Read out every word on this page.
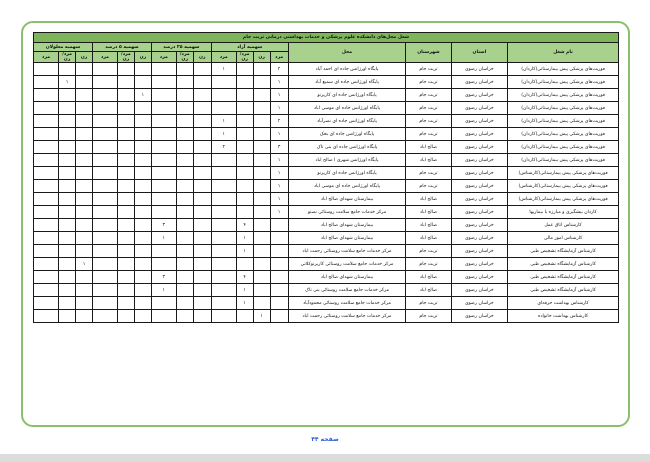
شغل محل‌های دانشکده علوم پزشکی و خدمات بهداشتی درمانی تربت جام																
نام شغل	استان	شهرستان	محل	سهمیه آزاد				سهمیه ۲۵ درصد			سهمیه ۵ درصد			سهمیه معلولان		
				مرد	زن	مرد/زن	مرد	زن	مرد/زن	مرد	زن	مرد/زن	مرد	زن	مرد/زن	مرد
فوریت‌های پزشکی پیش بیمارستانی(کاردان)	خراسان رضوی	تربت جام	پایگاه اورژانس جاده ای احمد آباد	۲			۱									
فوریت‌های پزشکی پیش بیمارستانی(کاردان)	خراسان رضوی	تربت جام	پایگاه اورژانس جاده ای سمیع آباد	۱											۱	
فوریت‌های پزشکی پیش بیمارستانی(کاردان)	خراسان رضوی	تربت جام	پایگاه اورژانس جاده ای کاریزنو	۱							۱					
فوریت‌های پزشکی پیش بیمارستانی(کاردان)	خراسان رضوی	تربت جام	پایگاه اورژانس جاده ای موسی اباد	۱												
فوریت‌های پزشکی پیش بیمارستانی(کاردان)	خراسان رضوی	تربت جام	پایگاه اورژانس جاده ای نصرآباد	۲			۱									
فوریت‌های پزشکی پیش بیمارستانی(کاردان)	خراسان رضوی	تربت جام	پایگاه اورژانس جاده ای بخک	۱			۱									
فوریت‌های پزشکی پیش بیمارستانی(کاردان)	خراسان رضوی	صالح اباد	پایگاه اورژانس جاده ای بنی تاک	۳			۲									
فوریت‌های پزشکی پیش بیمارستانی(کاردان)	خراسان رضوی	صالح اباد	پایگاه اورژانس شهری ا صالح اباد	۱												
فوریت‌های پزشکی پیش بیمارستانی(کارشناس)	خراسان رضوی	تربت جام	پایگاه اورژانس جاده ای کاریزنو	۱												
فوریت‌های پزشکی پیش بیمارستانی(کارشناس)	خراسان رضوی	تربت جام	پایگاه اورژانس جاده ای موسی اباد	۱												
فوریت‌های پزشکی پیش بیمارستانی(کارشناس)	خراسان رضوی	صالح اباد	بیمارستان شهدای صالح اباد	۱												
کاردان بیشگیری و مبارزه با بیماریها	خراسان رضوی	صالح اباد	مرکز خدمات جامع سلامت روستائی نصتو	۱												
کارشناس اتاق عمل	خراسان رضوی	صالح اباد	بیمارستان شهدای صالح اباد			۴				۳						
کارشناس امور مالی	خراسان رضوی	صالح اباد	بیمارستان شهدای صالح اباد			۱				۱						
کارشناس آزمایشگاه تشخیص طبی	خراسان رضوی	تربت جام	مرکز خدمات جامع سلامت روستائی رحمت اباد			۱										
کارشناس آزمایشگاه تشخیص طبی	خراسان رضوی	تربت جام	مرکز خدمات جامع سلامت روستائی کاریزنوکلاتی											۱		
کارشناس آزمایشگاه تشخیص طبی	خراسان رضوی	صالح اباد	بیمارستان شهدای صالح اباد			۴				۳						
کارشناس آزمایشگاه تشخیص طبی	خراسان رضوی	صالح اباد	مرکز خدمات جامع سلامت روستائی بنی تاک			۱				۱						
کارشناس بهداشت حرفه‌ای	خراسان رضوی	تربت جام	مرکز خدمات جامع سلامت روستائی محمودآباد			۱										
کارشناس بهداشت خانواده	خراسان رضوی	تربت جام	مرکز خدمات جامع سلامت روستائی رحمت اباد		۱											
صفحه ۴۴
